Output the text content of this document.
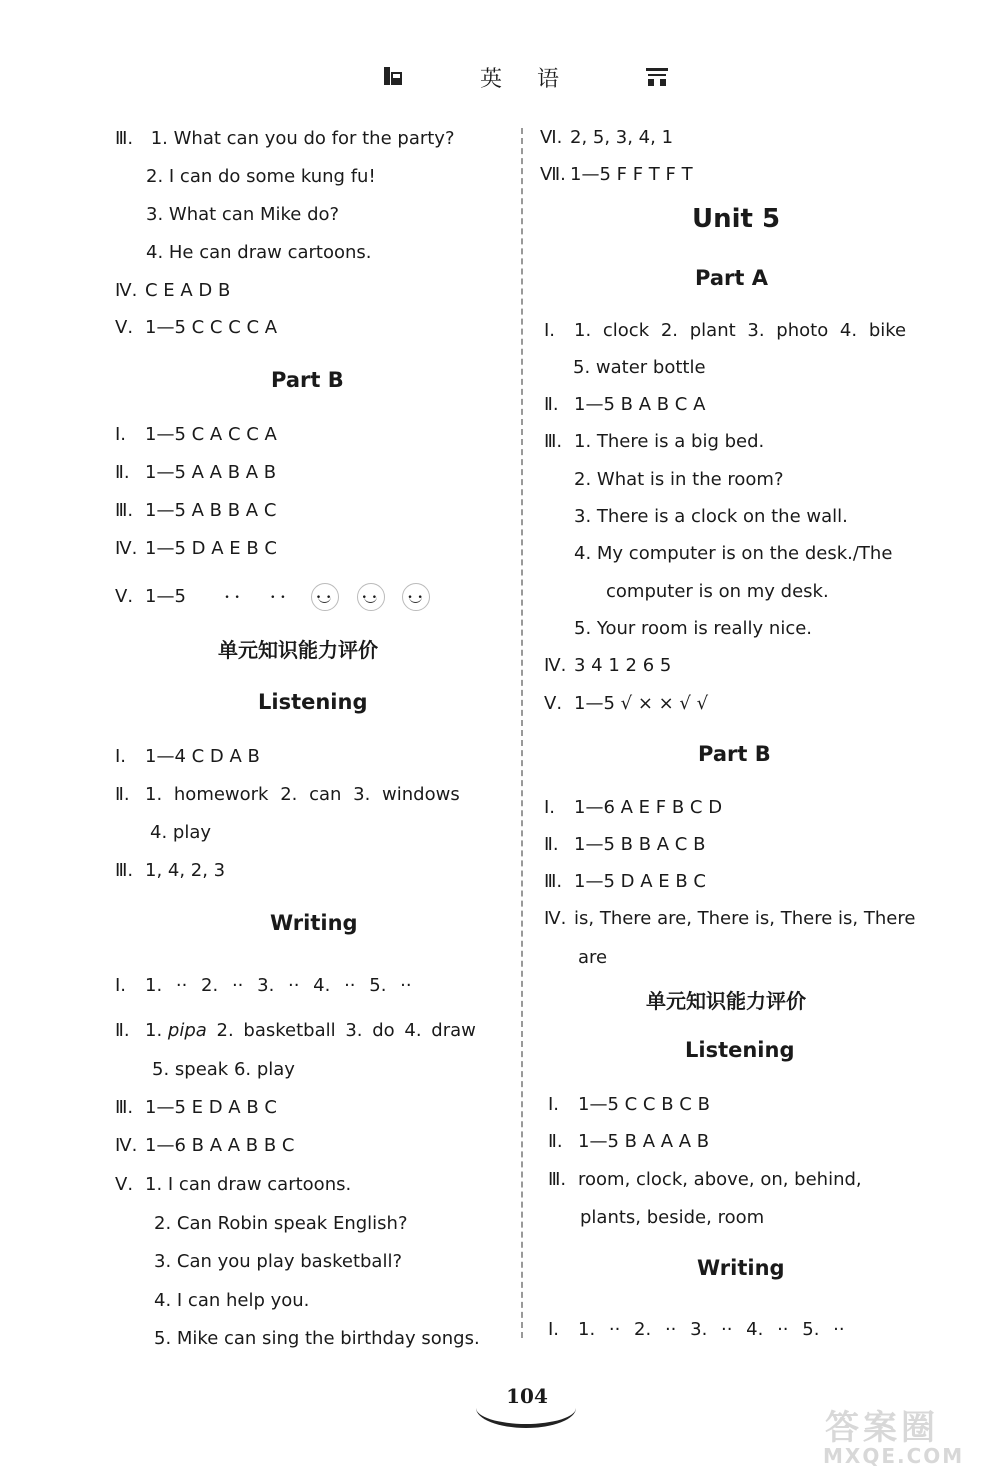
英 语
Ⅲ. 1. What can you do for the party?
2. I can do some kung fu!
3. What can Mike do?
4. He can draw cartoons.
Ⅳ. C E A D B
Ⅴ. 1—5 C C C C A
Part B
Ⅰ. 1—5 C A C C A
Ⅱ. 1—5 A A B A B
Ⅲ. 1—5 A B B A C
Ⅳ. 1—5 D A E B C
Ⅴ. 1—5  • • • • • • • • • •
单元知识能力评价
Listening
Ⅰ. 1—4 C D A B
Ⅱ. 1. homework 2. can 3. windows
4. play
Ⅲ. 1, 4, 2, 3
Writing
Ⅰ. 1. ·· 2. ·· 3. ·· 4. ·· 5. ··
Ⅱ. 1. pipa 2. basketball 3. do 4. draw
5. speak 6. play
Ⅲ. 1—5 E D A B C
Ⅳ. 1—6 B A A B B C
Ⅴ. 1. I can draw cartoons.
2. Can Robin speak English?
3. Can you play basketball?
4. I can help you.
5. Mike can sing the birthday songs.
Ⅵ. 2, 5, 3, 4, 1
Ⅶ. 1—5 F F T F T
Unit 5
Part A
Ⅰ. 1. clock 2. plant 3. photo 4. bike
5. water bottle
Ⅱ. 1—5 B A B C A
Ⅲ. 1. There is a big bed.
2. What is in the room?
3. There is a clock on the wall.
4. My computer is on the desk./The
computer is on my desk.
5. Your room is really nice.
Ⅳ. 3 4 1 2 6 5
Ⅴ. 1—5 √ × × √ √
Part B
Ⅰ. 1—6 A E F B C D
Ⅱ. 1—5 B B A C B
Ⅲ. 1—5 D A E B C
Ⅳ. is, There are, There is, There is, There
are
单元知识能力评价
Listening
Ⅰ. 1—5 C C B C B
Ⅱ. 1—5 B A A A B
Ⅲ. room, clock, above, on, behind,
plants, beside, room
Writing
Ⅰ. 1. ·· 2. ·· 3. ·· 4. ·· 5. ··
104
答案圈
MXQE.COM
